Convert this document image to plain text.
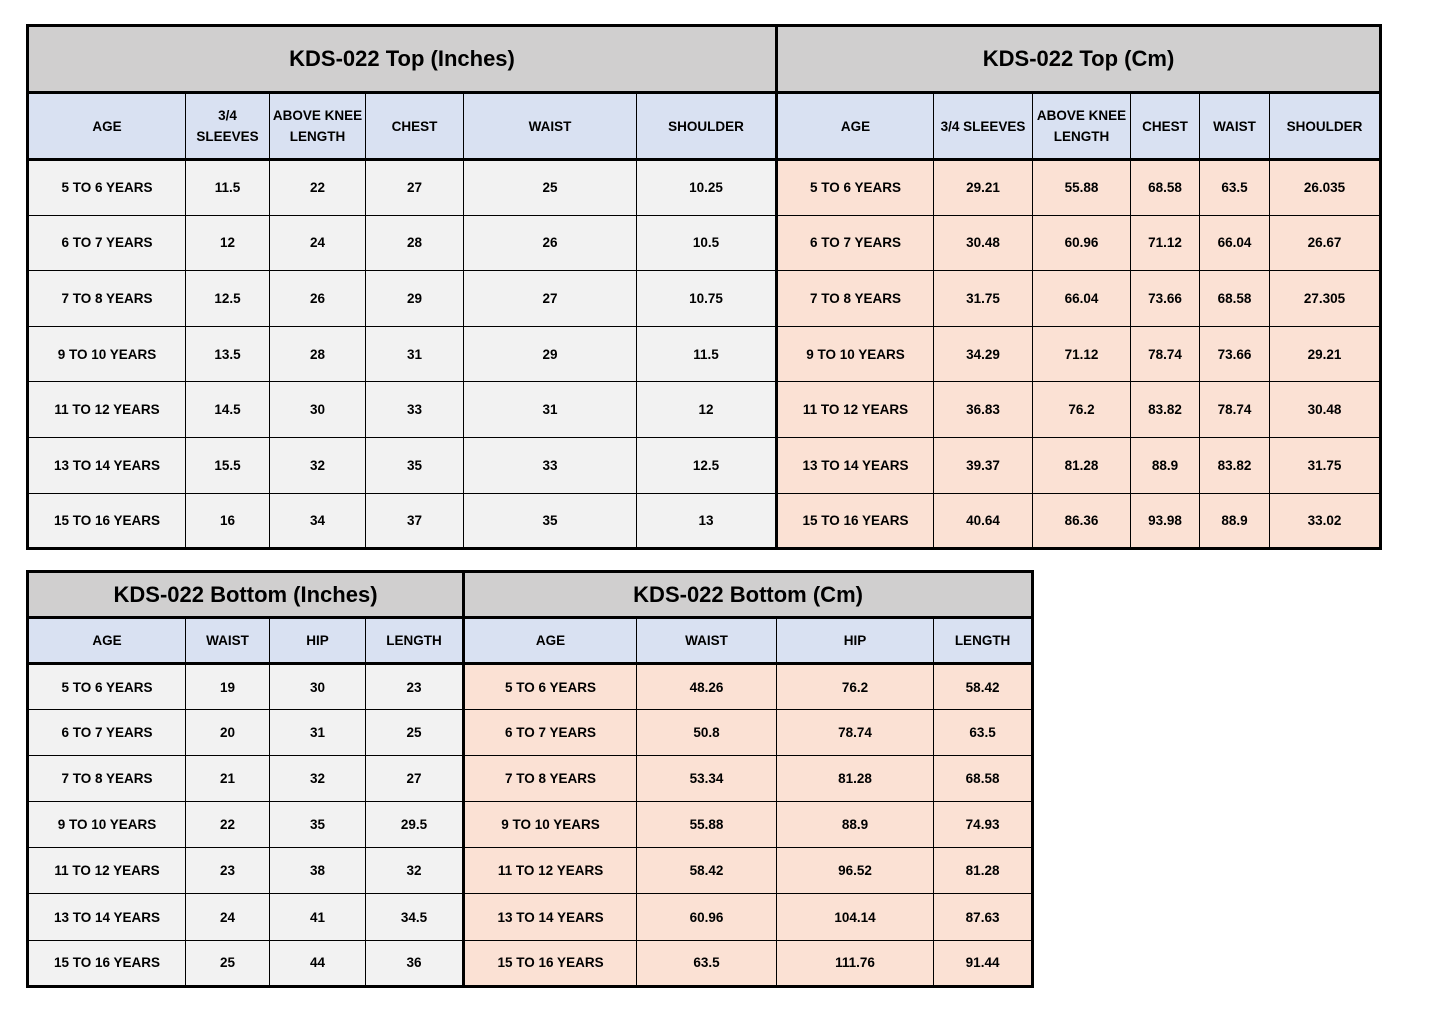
KDS-022 Top (Inches)						KDS-022 Top (Cm)					
AGE	3/4 SLEEVES	ABOVE KNEE LENGTH	CHEST	WAIST	SHOULDER	AGE	3/4 SLEEVES	ABOVE KNEE LENGTH	CHEST	WAIST	SHOULDER
5 TO 6 YEARS	11.5	22	27	25	10.25	5 TO 6 YEARS	29.21	55.88	68.58	63.5	26.035
6 TO 7 YEARS	12	24	28	26	10.5	6 TO 7 YEARS	30.48	60.96	71.12	66.04	26.67
7 TO 8 YEARS	12.5	26	29	27	10.75	7 TO 8 YEARS	31.75	66.04	73.66	68.58	27.305
9 TO 10 YEARS	13.5	28	31	29	11.5	9 TO 10 YEARS	34.29	71.12	78.74	73.66	29.21
11 TO 12 YEARS	14.5	30	33	31	12	11 TO 12 YEARS	36.83	76.2	83.82	78.74	30.48
13 TO 14 YEARS	15.5	32	35	33	12.5	13 TO 14 YEARS	39.37	81.28	88.9	83.82	31.75
15 TO 16 YEARS	16	34	37	35	13	15 TO 16 YEARS	40.64	86.36	93.98	88.9	33.02
KDS-022 Bottom (Inches)				KDS-022 Bottom (Cm)			
AGE	WAIST	HIP	LENGTH	AGE	WAIST	HIP	LENGTH
5 TO 6 YEARS	19	30	23	5 TO 6 YEARS	48.26	76.2	58.42
6 TO 7 YEARS	20	31	25	6 TO 7 YEARS	50.8	78.74	63.5
7 TO 8 YEARS	21	32	27	7 TO 8 YEARS	53.34	81.28	68.58
9 TO 10 YEARS	22	35	29.5	9 TO 10 YEARS	55.88	88.9	74.93
11 TO 12 YEARS	23	38	32	11 TO 12 YEARS	58.42	96.52	81.28
13 TO 14 YEARS	24	41	34.5	13 TO 14 YEARS	60.96	104.14	87.63
15 TO 16 YEARS	25	44	36	15 TO 16 YEARS	63.5	111.76	91.44
